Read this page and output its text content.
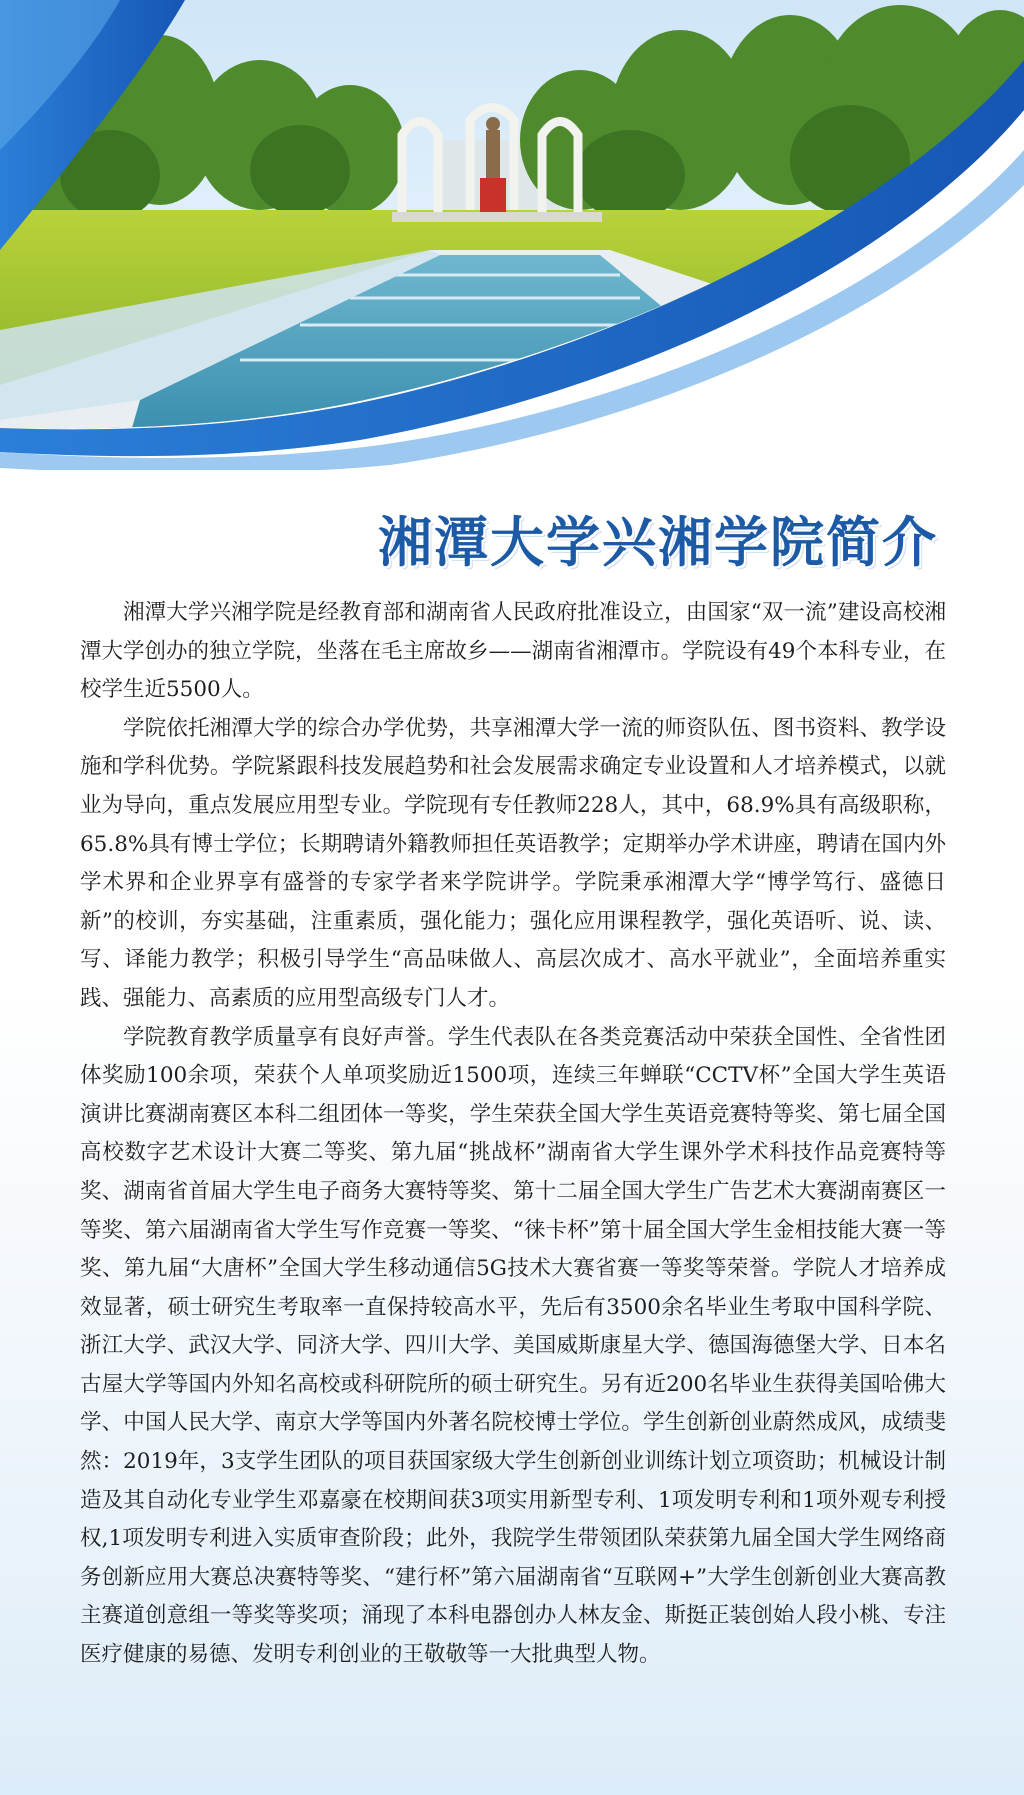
湘潭大学兴湘学院简介

湘潭大学兴湘学院是经教育部和湖南省人民政府批准设立，由国家“双一流”建设高校湘潭大学创办的独立学院，坐落在毛主席故乡——湖南省湘潭市。学院设有49个本科专业，在校学生近5500人。

学院依托湘潭大学的综合办学优势，共享湘潭大学一流的师资队伍、图书资料、教学设施和学科优势。学院紧跟科技发展趋势和社会发展需求确定专业设置和人才培养模式，以就业为导向，重点发展应用型专业。学院现有专任教师228人，其中，68.9%具有高级职称，65.8%具有博士学位；长期聘请外籍教师担任英语教学；定期举办学术讲座，聘请在国内外学术界和企业界享有盛誉的专家学者来学院讲学。学院秉承湘潭大学“博学笃行、盛德日新”的校训，夯实基础，注重素质，强化能力；强化应用课程教学，强化英语听、说、读、写、译能力教学；积极引导学生“高品味做人、高层次成才、高水平就业”，全面培养重实践、强能力、高素质的应用型高级专门人才。

学院教育教学质量享有良好声誉。学生代表队在各类竞赛活动中荣获全国性、全省性团体奖励100余项，荣获个人单项奖励近1500项，连续三年蝉联“CCTV杯”全国大学生英语演讲比赛湖南赛区本科二组团体一等奖，学生荣获全国大学生英语竞赛特等奖、第七届全国高校数字艺术设计大赛二等奖、第九届“挑战杯”湖南省大学生课外学术科技作品竞赛特等奖、湖南省首届大学生电子商务大赛特等奖、第十二届全国大学生广告艺术大赛湖南赛区一等奖、第六届湖南省大学生写作竞赛一等奖、“徕卡杯”第十届全国大学生金相技能大赛一等奖、第九届“大唐杯”全国大学生移动通信5G技术大赛省赛一等奖等荣誉。学院人才培养成效显著，硕士研究生考取率一直保持较高水平，先后有3500余名毕业生考取中国科学院、浙江大学、武汉大学、同济大学、四川大学、美国威斯康星大学、德国海德堡大学、日本名古屋大学等国内外知名高校或科研院所的硕士研究生。另有近200名毕业生获得美国哈佛大学、中国人民大学、南京大学等国内外著名院校博士学位。学生创新创业蔚然成风，成绩斐然：2019年，3支学生团队的项目获国家级大学生创新创业训练计划立项资助；机械设计制造及其自动化专业学生邓嘉豪在校期间获3项实用新型专利、1项发明专利和1项外观专利授权,1项发明专利进入实质审查阶段；此外，我院学生带领团队荣获第九届全国大学生网络商务创新应用大赛总决赛特等奖、“建行杯”第六届湖南省“互联网+”大学生创新创业大赛高教主赛道创意组一等奖等奖项；涌现了本科电器创办人林友金、斯挺正装创始人段小桃、专注医疗健康的易德、发明专利创业的王敬敬等一大批典型人物。
